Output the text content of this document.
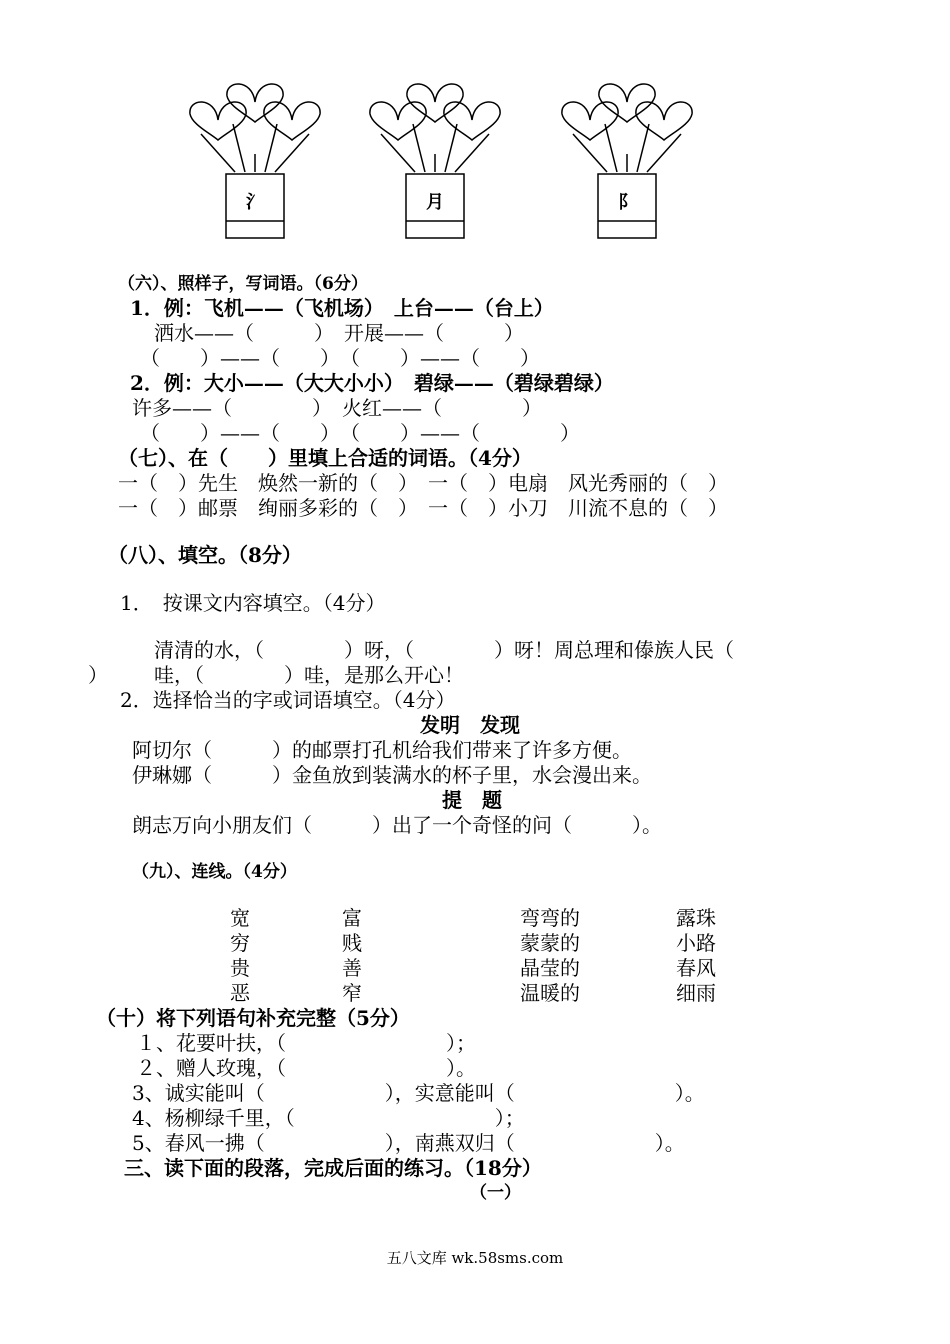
氵	月	阝
（六）、照样子，写词语。（6分）
1．例：飞机——（飞机场）　上台——（台上）
洒水——（　　　）　开展——（　　　）
（　　）——（　　）　（　　）——（　　）
2．例：大小——（大大小小）　碧绿——（碧绿碧绿）
许多——（　　　　）　火红——（　　　　）
（　　）——（　　）　（　　）——（　　　　）
（七）、在（　　）里填上合适的词语。（4分）
一（　）先生　焕然一新的（　）　一（　）电扇　风光秀丽的（　）
一（　）邮票　绚丽多彩的（　）　一（　）小刀　川流不息的（　）
（八）、填空。（8分）
1．　按课文内容填空。（4分）
清清的水，（　　　　）呀，（　　　　）呀！周总理和傣族人民（
） 哇，（　　　　）哇，是那么开心！
2．选择恰当的字或词语填空。（4分）
发明　发现
阿切尔（　　　）的邮票打孔机给我们带来了许多方便。
伊琳娜（　　　）金鱼放到装满水的杯子里，水会漫出来。
提　题
朗志万向小朋友们（　　　）出了一个奇怪的问（　　　）。
（九）、连线。（4分）
宽
穷
贵
恶
富
贱
善
窄
弯弯的
蒙蒙的
晶莹的
温暖的
露珠
小路
春风
细雨
（十）将下列语句补充完整（5分）
１、花要叶扶，（　　　　　　　　）；
２、赠人玫瑰，（　　　　　　　　）。
3、诚实能叫（　　　　　　），实意能叫（　　　　　　　　）。
4、杨柳绿千里，（　　　　　　　　　　）；
5、春风一拂（　　　　　　），南燕双归（　　　　　　　）。
三、读下面的段落，完成后面的练习。（18分）
（一）
五八文库 wk.58sms.com
